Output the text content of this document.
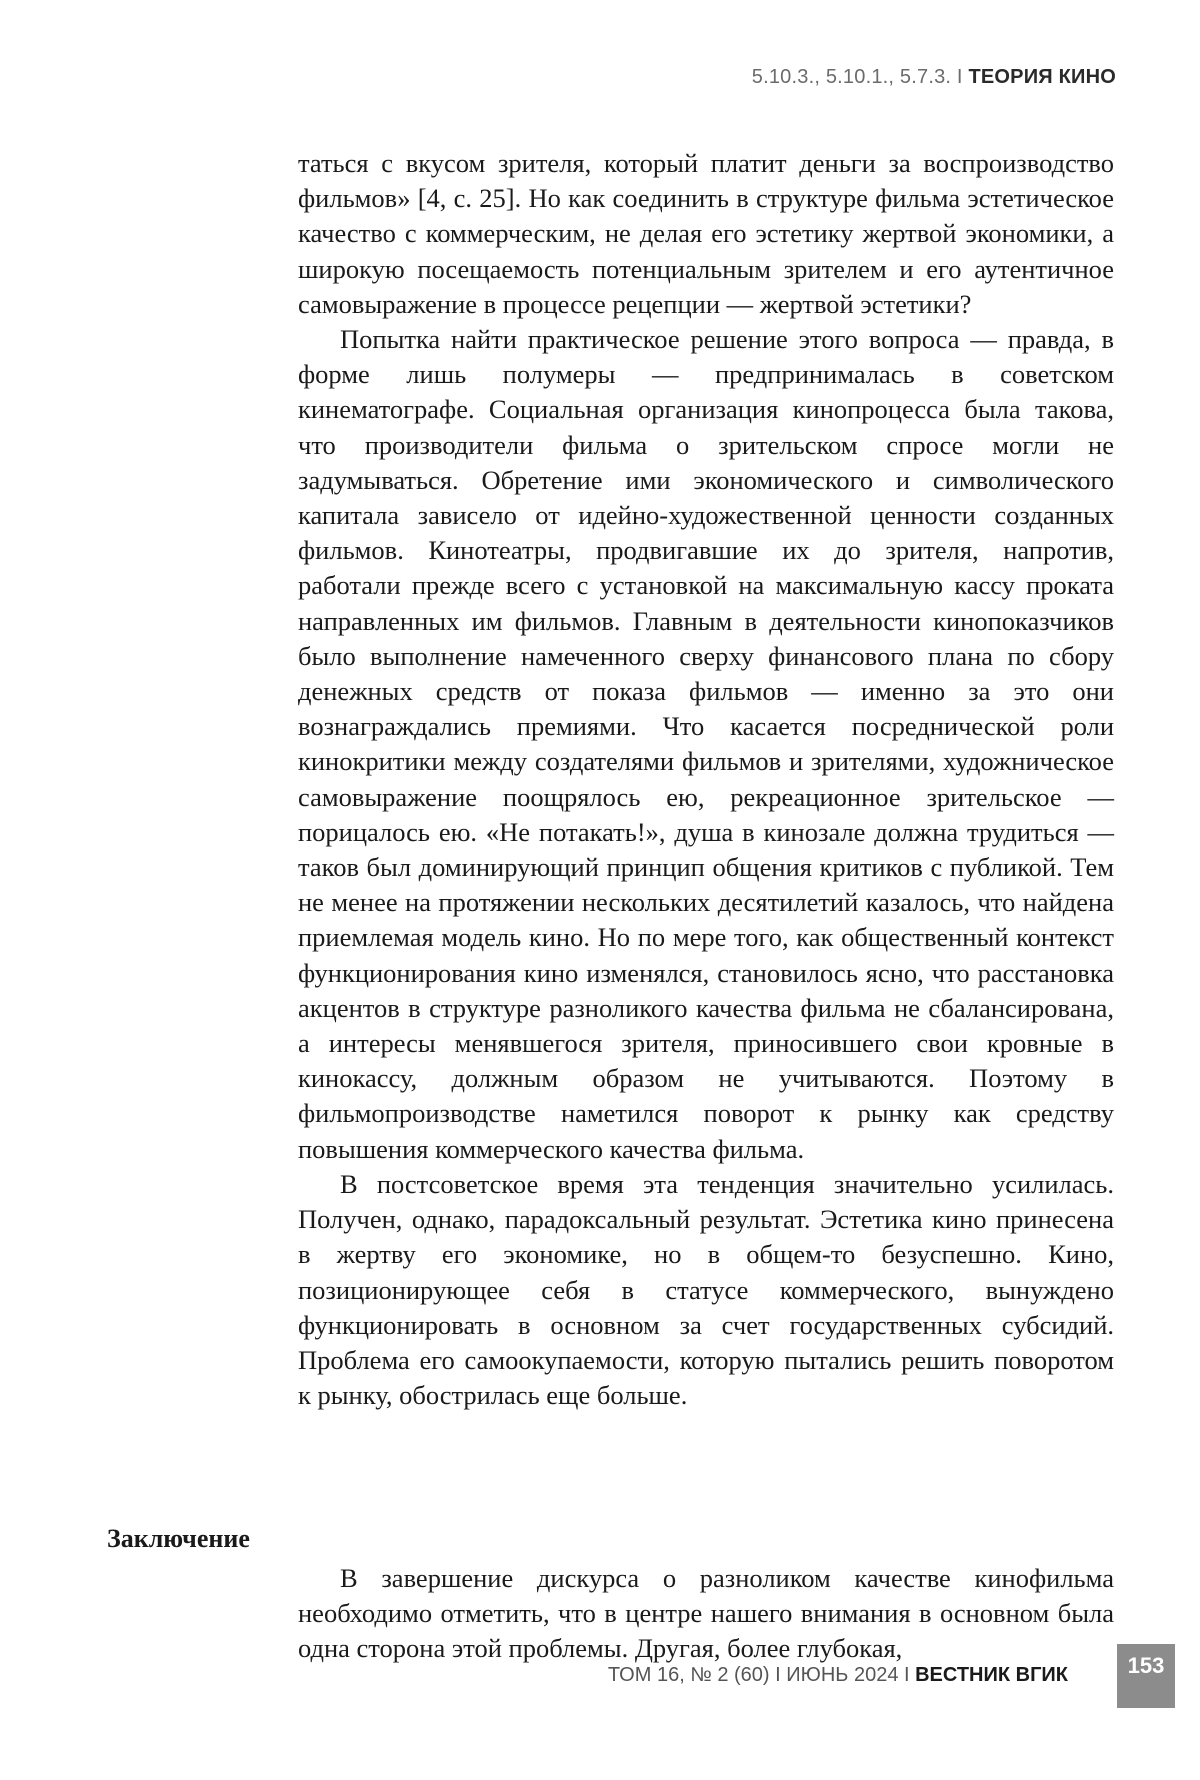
5.10.3., 5.10.1., 5.7.3. I ТЕОРИЯ КИНО

таться с вкусом зрителя, который платит деньги за воспроизводство фильмов» [4, с. 25]. Но как соединить в структуре фильма эстетическое качество с коммерческим, не делая его эстетику жертвой экономики, а широкую посещаемость потенциальным зрителем и его аутентичное самовыражение в процессе рецепции — жертвой эстетики?

Попытка найти практическое решение этого вопроса — правда, в форме лишь полумеры — предпринималась в советском кинематографе. Социальная организация кинопроцесса была такова, что производители фильма о зрительском спросе могли не задумываться. Обретение ими экономического и символического капитала зависело от идейно-художественной ценности созданных фильмов. Кинотеатры, продвигавшие их до зрителя, напротив, работали прежде всего с установкой на максимальную кассу проката направленных им фильмов. Главным в деятельности кинопоказчиков было выполнение намеченного сверху финансового плана по сбору денежных средств от показа фильмов — именно за это они вознаграждались премиями. Что касается посреднической роли кинокритики между создателями фильмов и зрителями, художническое самовыражение поощрялось ею, рекреационное зрительское — порицалось ею. «Не потакать!», душа в кинозале должна трудиться — таков был доминирующий принцип общения критиков с публикой. Тем не менее на протяжении нескольких десятилетий казалось, что найдена приемлемая модель кино. Но по мере того, как общественный контекст функционирования кино изменялся, становилось ясно, что расстановка акцентов в структуре разноликого качества фильма не сбалансирована, а интересы менявшегося зрителя, приносившего свои кровные в кинокассу, должным образом не учитываются. Поэтому в фильмопроизводстве наметился поворот к рынку как средству повышения коммерческого качества фильма.

В постсоветское время эта тенденция значительно усилилась. Получен, однако, парадоксальный результат. Эстетика кино принесена в жертву его экономике, но в общем-то безуспешно. Кино, позиционирующее себя в статусе коммерческого, вынуждено функционировать в основном за счет государственных субсидий. Проблема его самоокупаемости, которую пытались решить поворотом к рынку, обострилась еще больше.

Заключение

В завершение дискурса о разноликом качестве кинофильма необходимо отметить, что в центре нашего внимания в основном была одна сторона этой проблемы. Другая, более глубокая,

ТОМ 16, № 2 (60) I ИЮНЬ 2024 I ВЕСТНИК ВГИК	153
